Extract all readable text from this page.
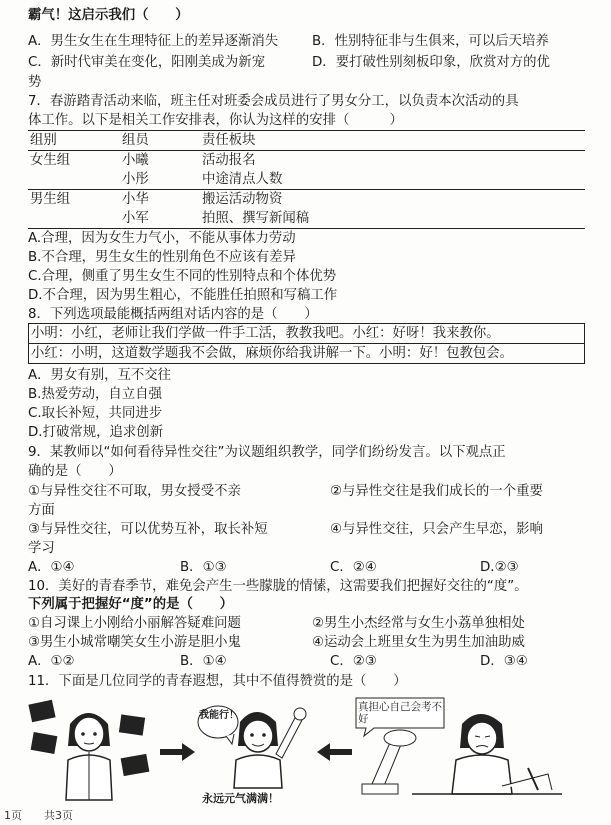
霸气！这启示我们（　　）
A．男生女生在生理特征上的差异逐渐消失	B．性别特征非与生俱来，可以后天培养
C．新时代审美在变化，阳刚美成为新宠	D．要打破性别刻板印象，欣赏对方的优
势
7．春游踏青活动来临，班主任对班委会成员进行了男女分工，以负责本次活动的具
体工作。以下是相关工作安排表，你认为这样的安排（　　　）
组别	组员	责任板块
女生组	小曦	活动报名
	小彤	中途清点人数
男生组	小华	搬运活动物资
	小军	拍照、撰写新闻稿
A.合理，因为女生力气小，不能从事体力劳动
B.不合理，男生女生的性别角色不应该有差异
C.合理，侧重了男生女生不同的性别特点和个体优势
D.不合理，因为男生粗心，不能胜任拍照和写稿工作
8．下列选项最能概括两组对话内容的是（　　）
小明：小红，老师让我们学做一件手工活，教教我吧。小红：好呀！我来教你。
小红：小明，这道数学题我不会做，麻烦你给我讲解一下。小明：好！包教包会。
A．男女有别，互不交往
B.热爱劳动，自立自强
C.取长补短，共同进步
D.打破常规，追求创新
9．某教师以“如何看待异性交往”为议题组织教学，同学们纷纷发言。以下观点正
确的是（　　）
①与异性交往不可取，男女授受不亲	②与异性交往是我们成长的一个重要
方面
③与异性交往，可以优势互补，取长补短	④与异性交往，只会产生早恋，影响
学习
A．①④	B．①③	C．②④	D.②③
10．美好的青春季节，难免会产生一些朦胧的情愫，这需要我们把握好交往的“度”。
下列属于把握好“度”的是（　　）
①自习课上小刚给小丽解答疑难问题	②男生小杰经常与女生小荔单独相处
③男生小城常嘲笑女生小游是胆小鬼	④运动会上班里女生为男生加油助威
A．①②	B．①④	C．②③	D．③④
11．下面是几位同学的青春遐想，其中不值得赞赏的是（　　）
我能行！
永远元气满满！
真担心自己会考不好
1页　　共3页
